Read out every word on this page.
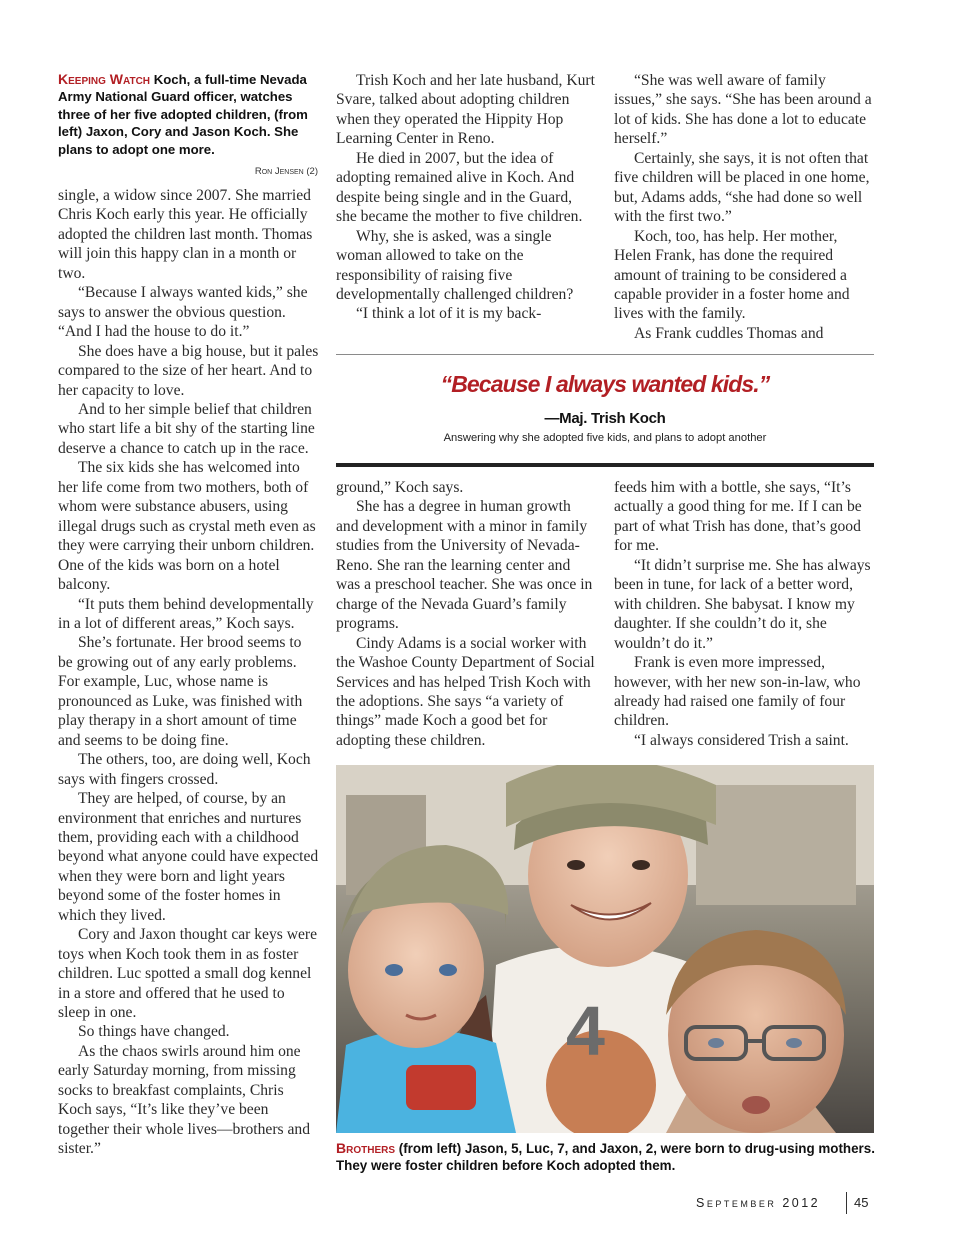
Keeping Watch Koch, a full-time Nevada Army National Guard officer, watches three of her five adopted children, (from left) Jaxon, Cory and Jason Koch. She plans to adopt one more.
Ron Jensen (2)

single, a widow since 2007. She married Chris Koch early this year. He officially adopted the children last month. Thomas will join this happy clan in a month or two.

“Because I always wanted kids,” she says to answer the obvious question. “And I had the house to do it.”

She does have a big house, but it pales compared to the size of her heart. And to her capacity to love.

And to her simple belief that children who start life a bit shy of the starting line deserve a chance to catch up in the race.

The six kids she has welcomed into her life come from two mothers, both of whom were substance abusers, using illegal drugs such as crystal meth even as they were carrying their unborn children. One of the kids was born on a hotel balcony.

“It puts them behind developmentally in a lot of different areas,” Koch says.

She’s fortunate. Her brood seems to be growing out of any early problems. For example, Luc, whose name is pronounced as Luke, was finished with play therapy in a short amount of time and seems to be doing fine.

The others, too, are doing well, Koch says with fingers crossed.

They are helped, of course, by an environment that enriches and nurtures them, providing each with a childhood beyond what anyone could have expected when they were born and light years beyond some of the foster homes in which they lived.

Cory and Jaxon thought car keys were toys when Koch took them in as foster children. Luc spotted a small dog kennel in a store and offered that he used to sleep in one.

So things have changed.

As the chaos swirls around him one early Saturday morning, from missing socks to breakfast complaints, Chris Koch says, “It’s like they’ve been together their whole lives—brothers and sister.”

Trish Koch and her late husband, Kurt Svare, talked about adopting children when they operated the Hippity Hop Learning Center in Reno.

He died in 2007, but the idea of adopting remained alive in Koch. And despite being single and in the Guard, she became the mother to five children.

Why, she is asked, was a single woman allowed to take on the responsibility of raising five developmentally challenged children?

“I think a lot of it is my back-

“She was well aware of family issues,” she says. “She has been around a lot of kids. She has done a lot to educate herself.”

Certainly, she says, it is not often that five children will be placed in one home, but, Adams adds, “she had done so well with the first two.”

Koch, too, has help. Her mother, Helen Frank, has done the required amount of training to be considered a capable provider in a foster home and lives with the family.

As Frank cuddles Thomas and

“Because I always wanted kids.”
—Maj. Trish Koch
Answering why she adopted five kids, and plans to adopt another

ground,” Koch says.

She has a degree in human growth and development with a minor in family studies from the University of Nevada-Reno. She ran the learning center and was a preschool teacher. She was once in charge of the Nevada Guard’s family programs.

Cindy Adams is a social worker with the Washoe County Department of Social Services and has helped Trish Koch with the adoptions. She says “a variety of things” made Koch a good bet for adopting these children.

feeds him with a bottle, she says, “It’s actually a good thing for me. If I can be part of what Trish has done, that’s good for me.

“It didn’t surprise me. She has always been in tune, for lack of a better word, with children. She babysat. I know my daughter. If she couldn’t do it, she wouldn’t do it.”

Frank is even more impressed, however, with her new son-in-law, who already had raised one family of four children.

“I always considered Trish a saint.

4
Brothers (from left) Jason, 5, Luc, 7, and Jaxon, 2, were born to drug-using mothers. They were foster children before Koch adopted them.
September 2012	45
